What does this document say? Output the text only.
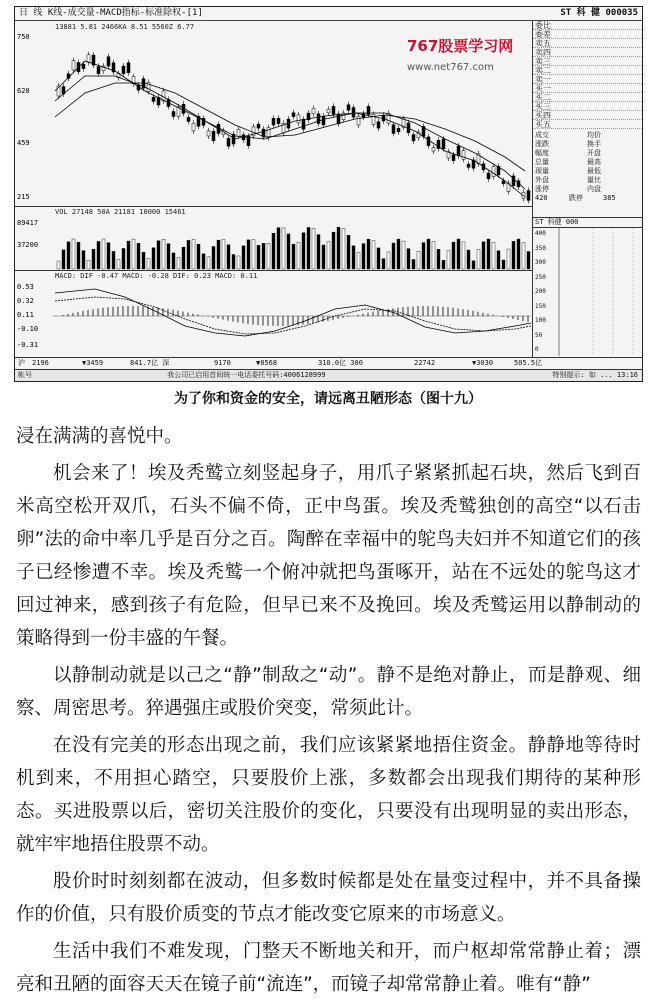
日 线 K线-成交量-MACD指标-标准除权-[1]	ST 科 健 000035
13881 5.81 2466KA 8.51 5560Z 6.77
750
620
459
215
VOL 27148 50A 21181 10000 15461
89417
37200
MACD: DIF -0.47 MACD: -0.28 DIF: 0.23 MACD: 0.11
0.53
0.32
0.11
-0.10
-0.31
委比
委差
卖五
卖四
卖三
卖二
卖一
买一
买二
买三
买四
买五
成交	均价
涨跌	换手
幅度	开盘
总量	最高
现量	最低
外盘	量比
涨停	内盘
420	跌停	385
ST 科健 000
400
350
300
250
200
150
100
50
0
沪 2196	▼3459	841.7亿 深	9170	▼8568	310.0亿 300	22742	▼3030	505.5亿
帐号	我公司已启用首间统一电话委托号码:4006128999	特别提示: 如 ... 13:16
767股票学习网
www.net767.com
为了你和资金的安全，请远离丑陋形态（图十九）

浸在满满的喜悦中。

机会来了！埃及秃鹫立刻竖起身子，用爪子紧紧抓起石块，然后飞到百米高空松开双爪，石头不偏不倚，正中鸟蛋。埃及秃鹫独创的高空“以石击卵”法的命中率几乎是百分之百。陶醉在幸福中的鸵鸟夫妇并不知道它们的孩子已经惨遭不幸。埃及秃鹫一个俯冲就把鸟蛋啄开，站在不远处的鸵鸟这才回过神来，感到孩子有危险，但早已来不及挽回。埃及秃鹫运用以静制动的策略得到一份丰盛的午餐。

以静制动就是以己之“静”制敌之“动”。静不是绝对静止，而是静观、细察、周密思考。猝遇强庄或股价突变，常须此计。

在没有完美的形态出现之前，我们应该紧紧地捂住资金。静静地等待时机到来，不用担心踏空，只要股价上涨，多数都会出现我们期待的某种形态。买进股票以后，密切关注股价的变化，只要没有出现明显的卖出形态，就牢牢地捂住股票不动。

股价时时刻刻都在波动，但多数时候都是处在量变过程中，并不具备操作的价值，只有股价质变的节点才能改变它原来的市场意义。

生活中我们不难发现，门整天不断地关和开，而户枢却常常静止着；漂亮和丑陋的面容天天在镜子前“流连”，而镜子却常常静止着。唯有“静”
